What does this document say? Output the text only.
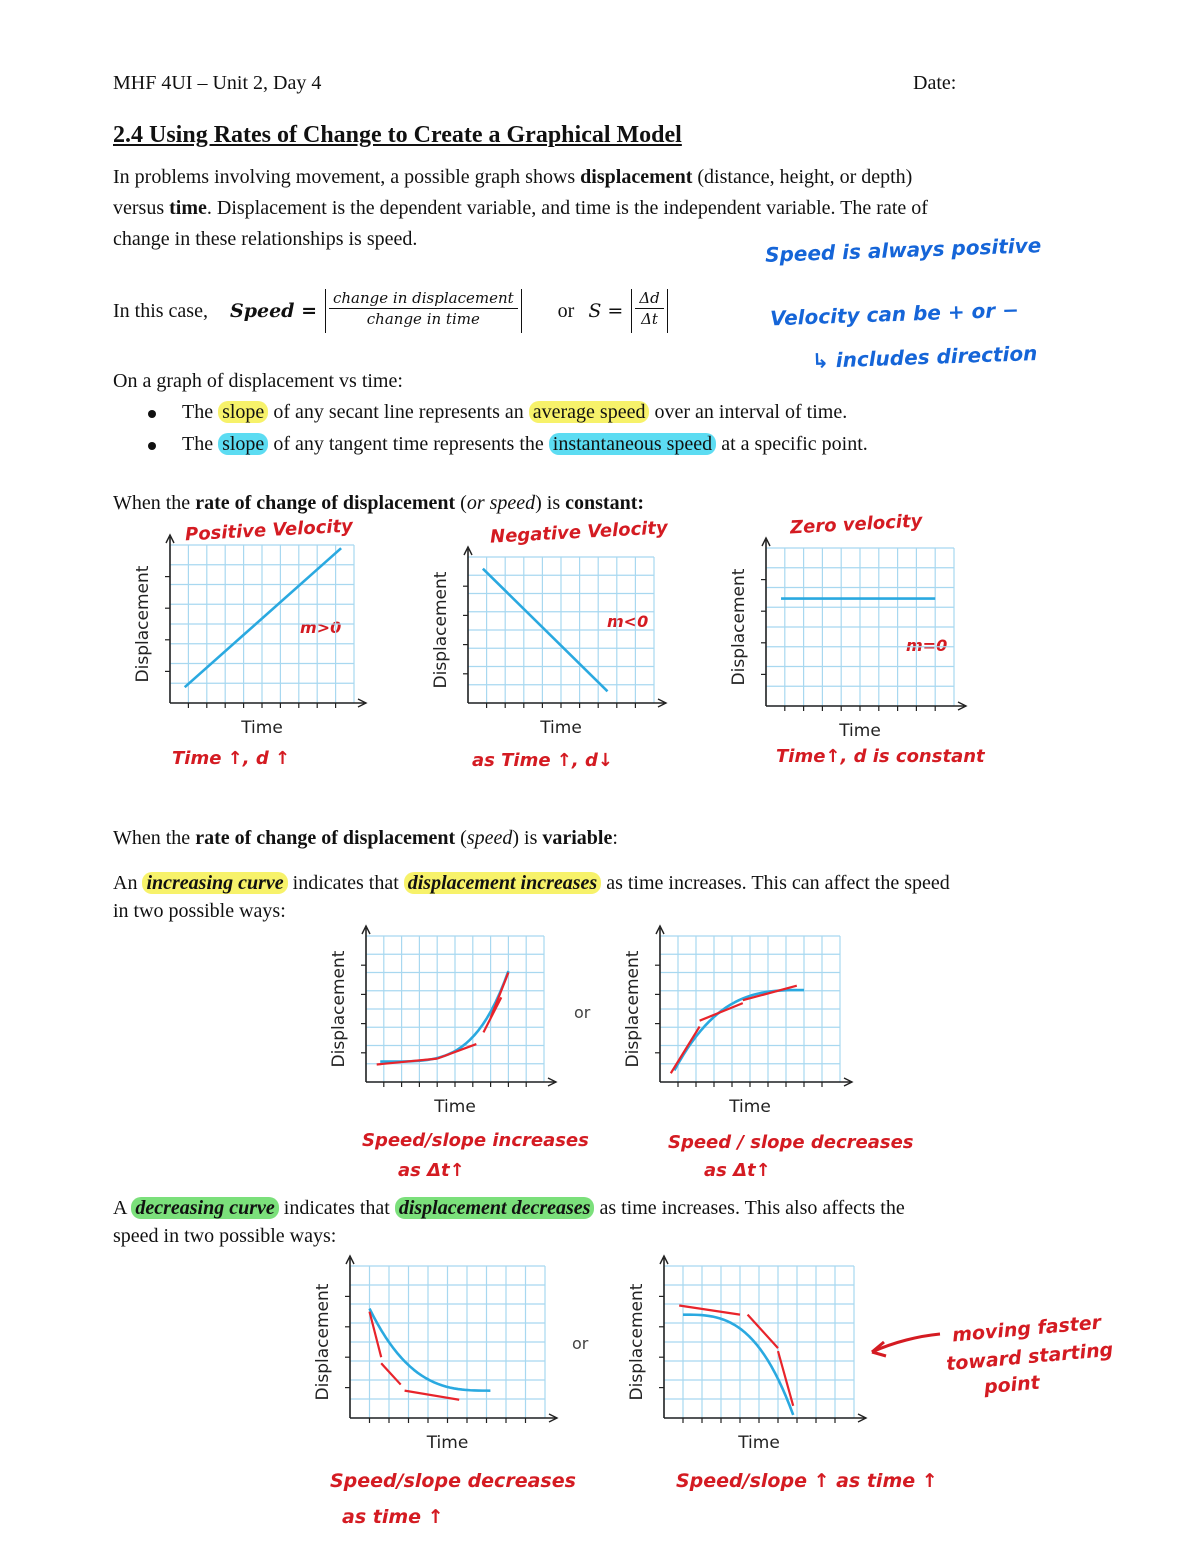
MHF 4UI – Unit 2, Day 4	Date:
2.4 Using Rates of Change to Create a Graphical Model
In problems involving movement, a possible graph shows displacement (distance, height, or depth)
versus time. Displacement is the dependent variable, and time is the independent variable. The rate of
change in these relationships is speed.
In this case, Speed = $\frac{\text{change in displacement}}{\text{change in time}}$ or $S = \frac{\Delta d}{\Delta t}$
Speed is always positive
Velocity can be + or −
↳ includes direction
On a graph of displacement vs time:
The slope of any secant line represents an average speed over an interval of time.
The slope of any tangent time represents the instantaneous speed at a specific point.
When the rate of change of displacement (or speed) is constant:
Positive Velocity	Negative Velocity	Zero velocity
m>0	m<0
m=0
Time ↑, d ↑	as Time ↑, d↓	Time↑, d is constant
When the rate of change of displacement (speed) is variable:
An increasing curve indicates that displacement increases as time increases. This can affect the speed
in two possible ways:
or
Speed/slope increases
as Δt↑
Speed / slope decreases
as Δt↑
A decreasing curve indicates that displacement decreases as time increases. This also affects the
speed in two possible ways:
or
Speed/slope decreases
as time ↑
Speed/slope ↑ as time ↑
moving faster
toward starting
point
Time
Displacement
Time
Displacement
Time
Displacement
Time
Displacement
Time
Displacement
Time
Displacement
Time
Displacement
